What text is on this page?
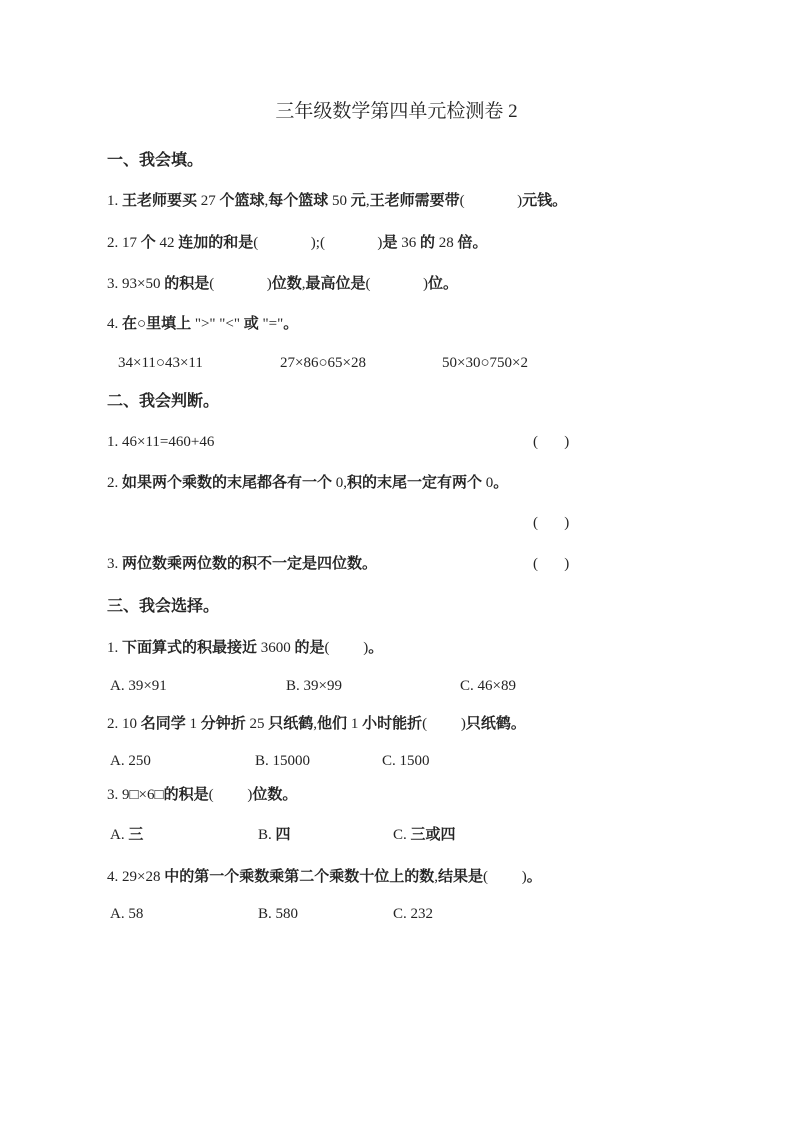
三年级数学第四单元检测卷 2
一、我会填。
1. 王老师要买 27 个篮球,每个篮球 50 元,王老师需要带(              )元钱。
2. 17 个 42 连加的和是(              );(              )是 36 的 28 倍。
3. 93×50 的积是(              )位数,最高位是(              )位。
4. 在○里填上 ">" "<" 或 "="。
34×11○43×11	27×86○65×28	50×30○750×2
二、我会判断。
1. 46×11=460+46	(       )
2. 如果两个乘数的末尾都各有一个 0,积的末尾一定有两个 0。
(       )
3. 两位数乘两位数的积不一定是四位数。	(       )
三、我会选择。
1. 下面算式的积最接近 3600 的是(         )。
A. 39×91	B. 39×99	C. 46×89
2. 10 名同学 1 分钟折 25 只纸鹤,他们 1 小时能折(         )只纸鹤。
A. 250	B. 15000	C. 1500
3. 9□×6□的积是(         )位数。
A. 三	B. 四	C. 三或四
4. 29×28 中的第一个乘数乘第二个乘数十位上的数,结果是(         )。
A. 58	B. 580	C. 232
